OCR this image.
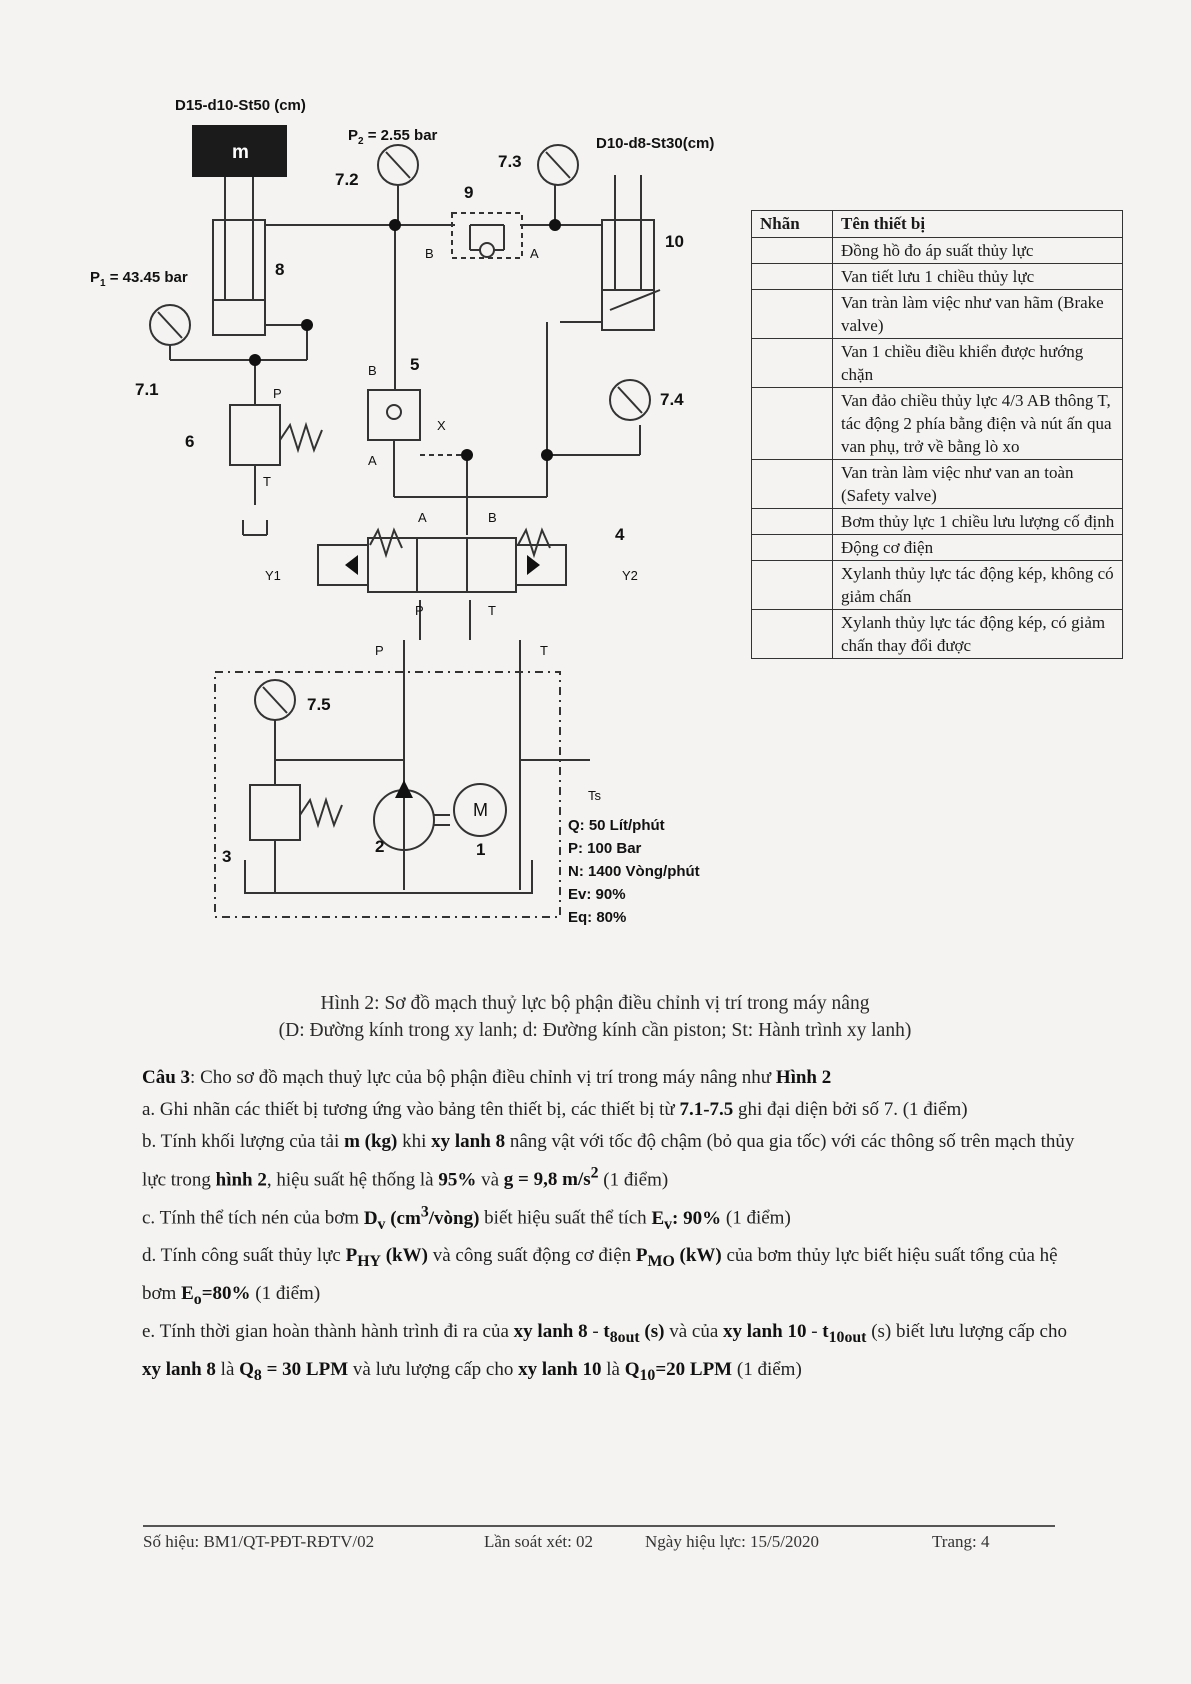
m
D15-d10-St50 (cm)
D10-d8-St30(cm)
$P_2 = 2.55$ bar
$P_1 = 43.45$ bar
7.2
7.3
7.1
7.4
7.5
8
9
10
5
6
4
2	1
3
B	A
B
A
X
P
T
A	B
P	T
P	T
Y1	Y2
Ts
M
Q: 50 Lít/phút
P: 100 Bar
N: 1400 Vòng/phút
Ev: 90%
Eq: 80%
Nhãn	Tên thiết bị
	Đồng hồ đo áp suất thủy lực
	Van tiết lưu 1 chiều thủy lực
	Van tràn làm việc như van hãm (Brake valve)
	Van 1 chiều điều khiển được hướng chặn
	Van đảo chiều thủy lực 4/3 AB thông T, tác động 2 phía bằng điện và nút ấn qua van phụ, trở về bằng lò xo
	Van tràn làm việc như van an toàn (Safety valve)
	Bơm thủy lực 1 chiều lưu lượng cố định
	Động cơ điện
	Xylanh thủy lực tác động kép, không có giảm chấn
	Xylanh thủy lực tác động kép, có giảm chấn thay đổi được
Hình 2: Sơ đồ mạch thuỷ lực bộ phận điều chỉnh vị trí trong máy nâng
(D: Đường kính trong xy lanh; d: Đường kính cần piston; St: Hành trình xy lanh)

Câu 3: Cho sơ đồ mạch thuỷ lực của bộ phận điều chỉnh vị trí trong máy nâng như Hình 2

a. Ghi nhãn các thiết bị tương ứng vào bảng tên thiết bị, các thiết bị từ 7.1-7.5 ghi đại diện bởi số 7. (1 điểm)

b. Tính khối lượng của tải m (kg) khi xy lanh 8 nâng vật với tốc độ chậm (bỏ qua gia tốc) với các thông số trên mạch thủy lực trong hình 2, hiệu suất hệ thống là 95% và g = 9,8 $m/s^2$ (1 điểm)

c. Tính thể tích nén của bơm $D_v$ $(cm^3/vòng)$ biết hiệu suất thể tích $E_v$: 90% (1 điểm)

d. Tính công suất thủy lực $P_{HY}$ (kW) và công suất động cơ điện $P_{MO}$ (kW) của bơm thủy lực biết hiệu suất tổng của hệ bơm $E_o=80\%$ (1 điểm)

e. Tính thời gian hoàn thành hành trình đi ra của xy lanh $8 - t_{8out}$ (s) và của xy lanh $10 - t_{10out}$ (s) biết lưu lượng cấp cho xy lanh 8 là $Q_8 = 30$ LPM và lưu lượng cấp cho xy lanh 10 là $Q_{10}=20$ LPM (1 điểm)

Số hiệu: BM1/QT-PĐT-RĐTV/02	Lần soát xét: 02	Ngày hiệu lực: 15/5/2020	Trang: 4
